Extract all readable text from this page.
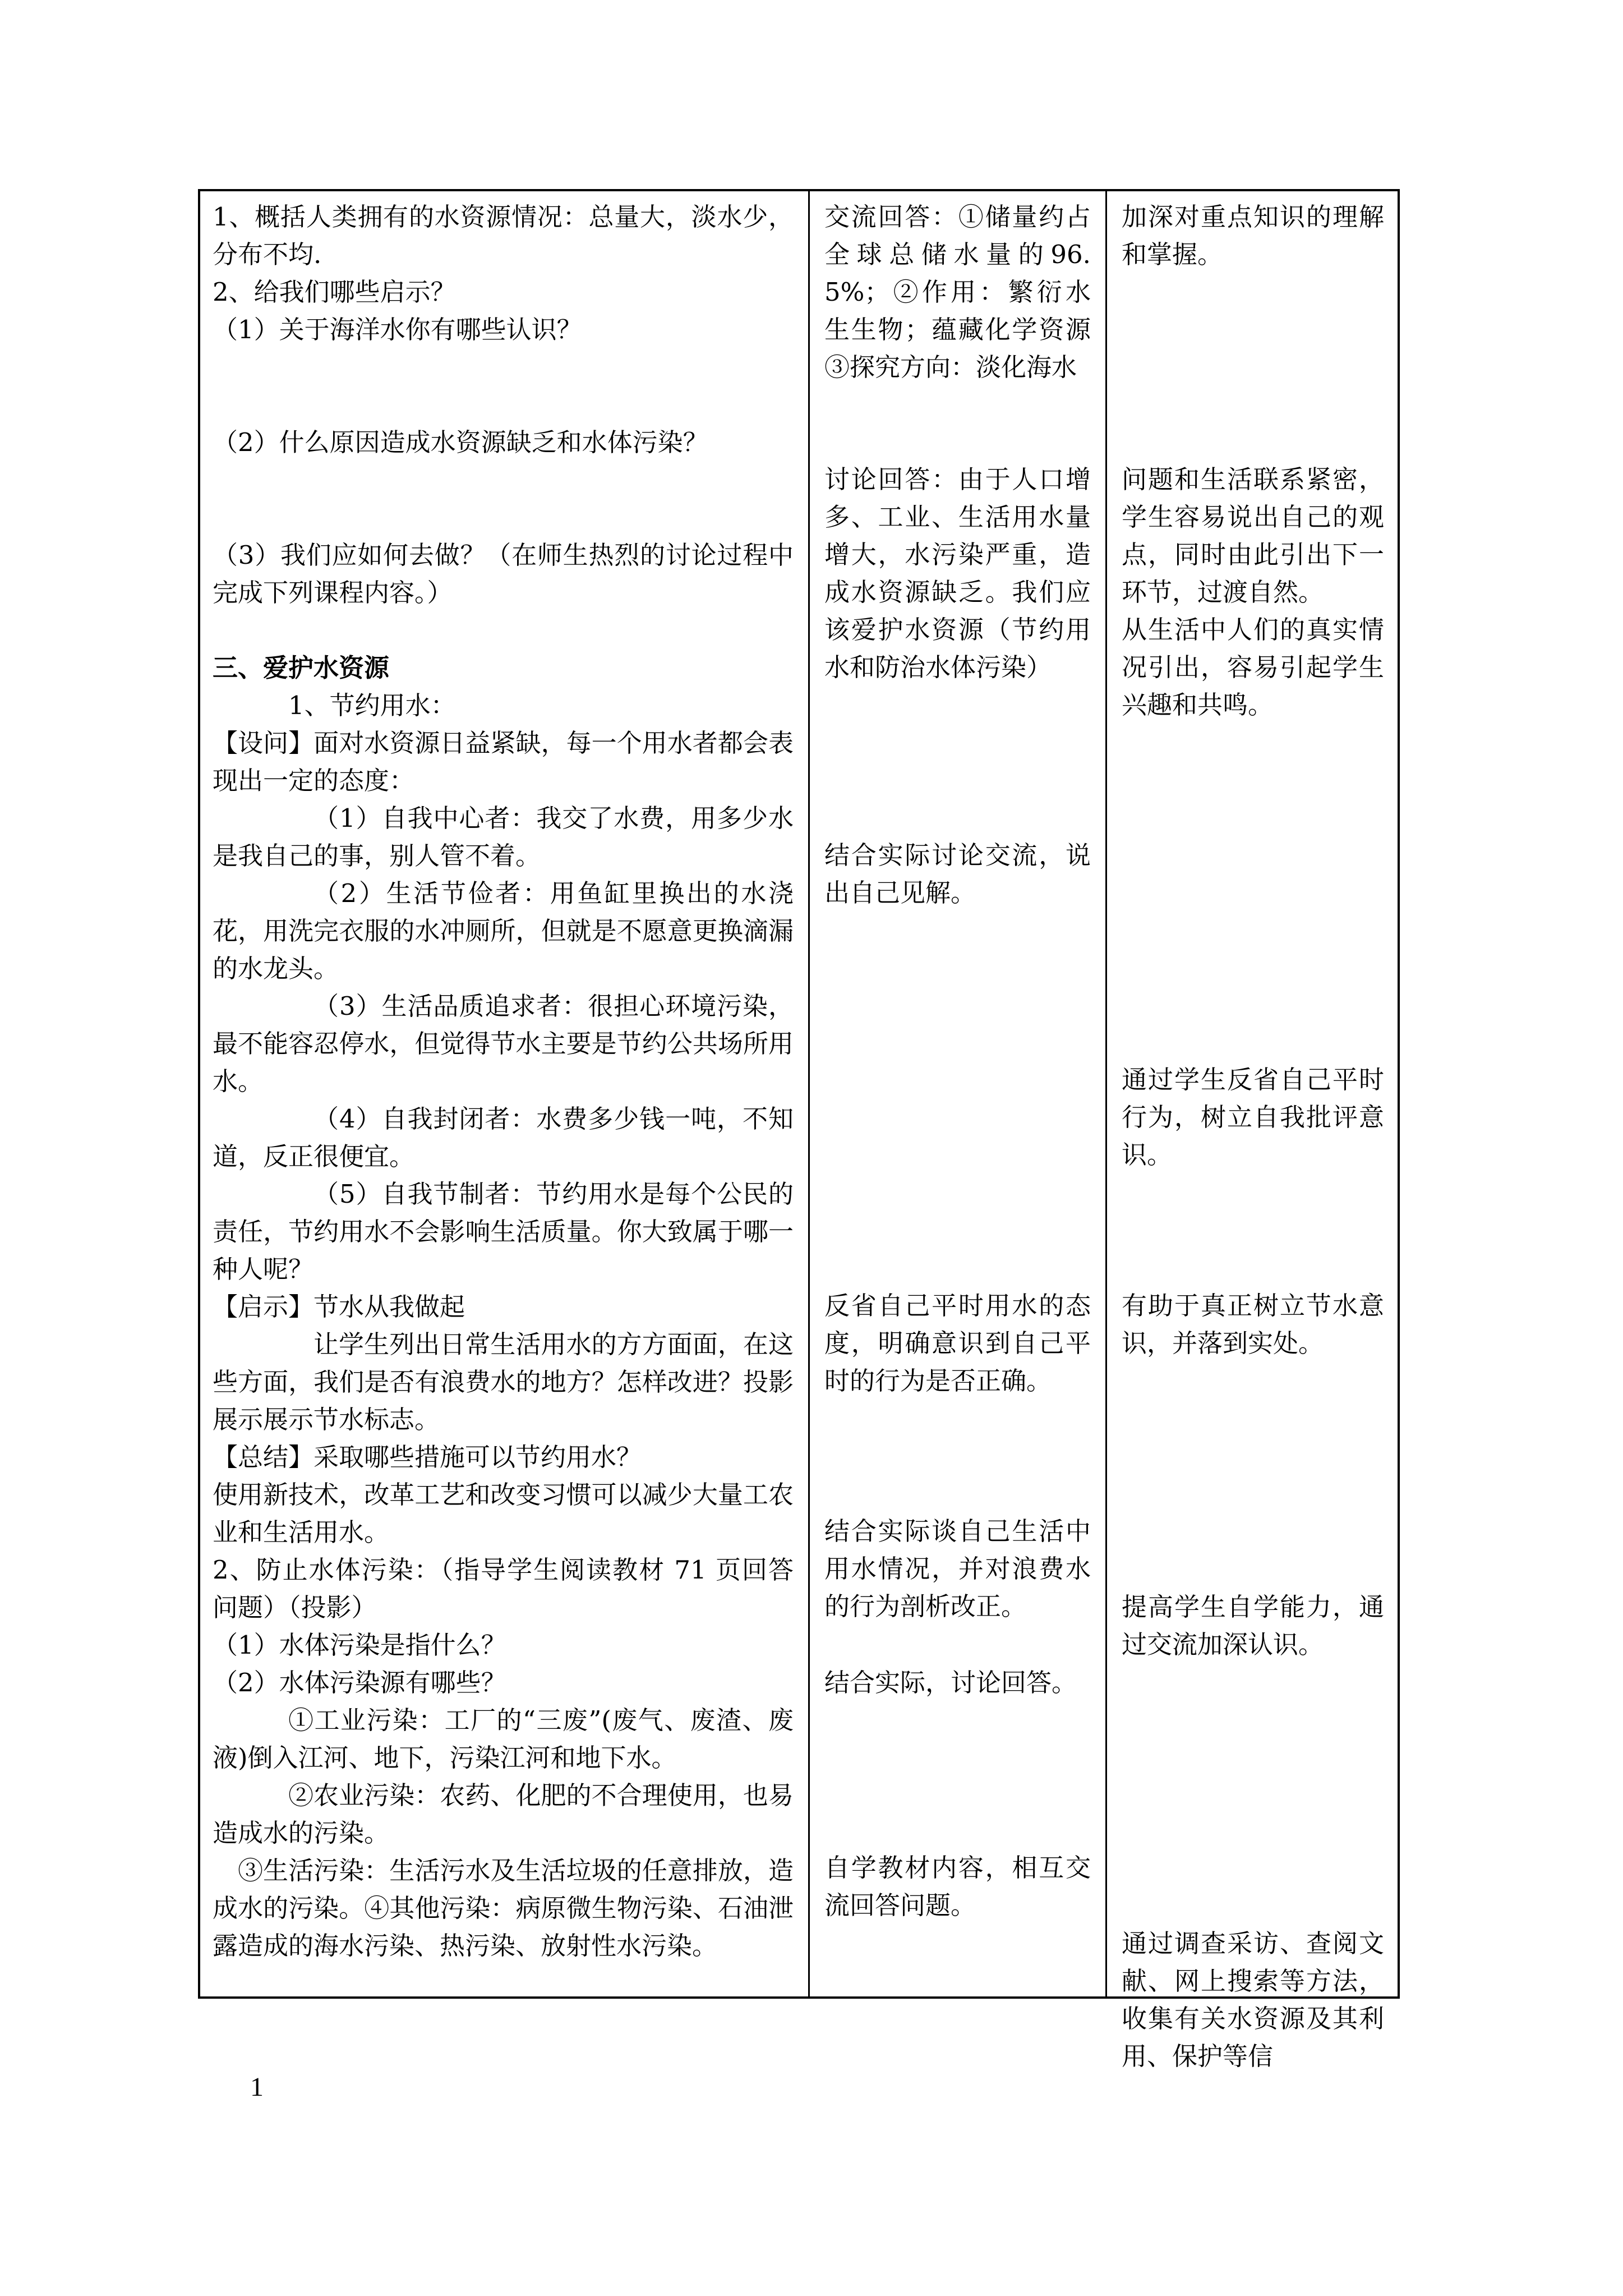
1、概括人类拥有的水资源情况：总量大，淡水少，分布不均.

2、给我们哪些启示？

（1）关于海洋水你有哪些认识？

（2）什么原因造成水资源缺乏和水体污染？

（3）我们应如何去做？（在师生热烈的讨论过程中完成下列课程内容。）

三、爱护水资源

1、节约用水：

【设问】面对水资源日益紧缺，每一个用水者都会表现出一定的态度：

（1）自我中心者：我交了水费，用多少水是我自己的事，别人管不着。

（2）生活节俭者：用鱼缸里换出的水浇花，用洗完衣服的水冲厕所，但就是不愿意更换滴漏的水龙头。

（3）生活品质追求者：很担心环境污染，最不能容忍停水，但觉得节水主要是节约公共场所用水。

（4）自我封闭者：水费多少钱一吨，不知道，反正很便宜。

（5）自我节制者：节约用水是每个公民的责任，节约用水不会影响生活质量。你大致属于哪一种人呢？

【启示】节水从我做起

让学生列出日常生活用水的方方面面，在这些方面，我们是否有浪费水的地方？怎样改进？投影展示展示节水标志。

【总结】采取哪些措施可以节约用水？

使用新技术，改革工艺和改变习惯可以减少大量工农业和生活用水。

2、防止水体污染：（指导学生阅读教材 71 页回答问题）（投影）

（1）水体污染是指什么？

（2）水体污染源有哪些？

①工业污染：工厂的“三废”(废气、废渣、废液)倒入江河、地下，污染江河和地下水。

②农业污染：农药、化肥的不合理使用，也易造成水的污染。

③生活污染：生活污水及生活垃圾的任意排放，造成水的污染。④其他污染：病原微生物污染、石油泄露造成的海水污染、热污染、放射性水污染。

交流回答：①储量约占全球总储水量的96.5%；②作用：繁衍水生生物；蕴藏化学资源③探究方向：淡化海水

讨论回答：由于人口增多、工业、生活用水量增大，水污染严重，造成水资源缺乏。我们应该爱护水资源（节约用水和防治水体污染）

结合实际讨论交流，说出自己见解。

反省自己平时用水的态度，明确意识到自己平时的行为是否正确。

结合实际谈自己生活中用水情况，并对浪费水的行为剖析改正。

结合实际，讨论回答。

自学教材内容，相互交流回答问题。

加深对重点知识的理解和掌握。

问题和生活联系紧密，学生容易说出自己的观点，同时由此引出下一环节，过渡自然。

从生活中人们的真实情况引出，容易引起学生兴趣和共鸣。

通过学生反省自己平时行为，树立自我批评意识。

有助于真正树立节水意识，并落到实处。

提高学生自学能力，通过交流加深认识。

通过调查采访、查阅文献、网上搜索等方法，收集有关水资源及其利用、保护等信

1
